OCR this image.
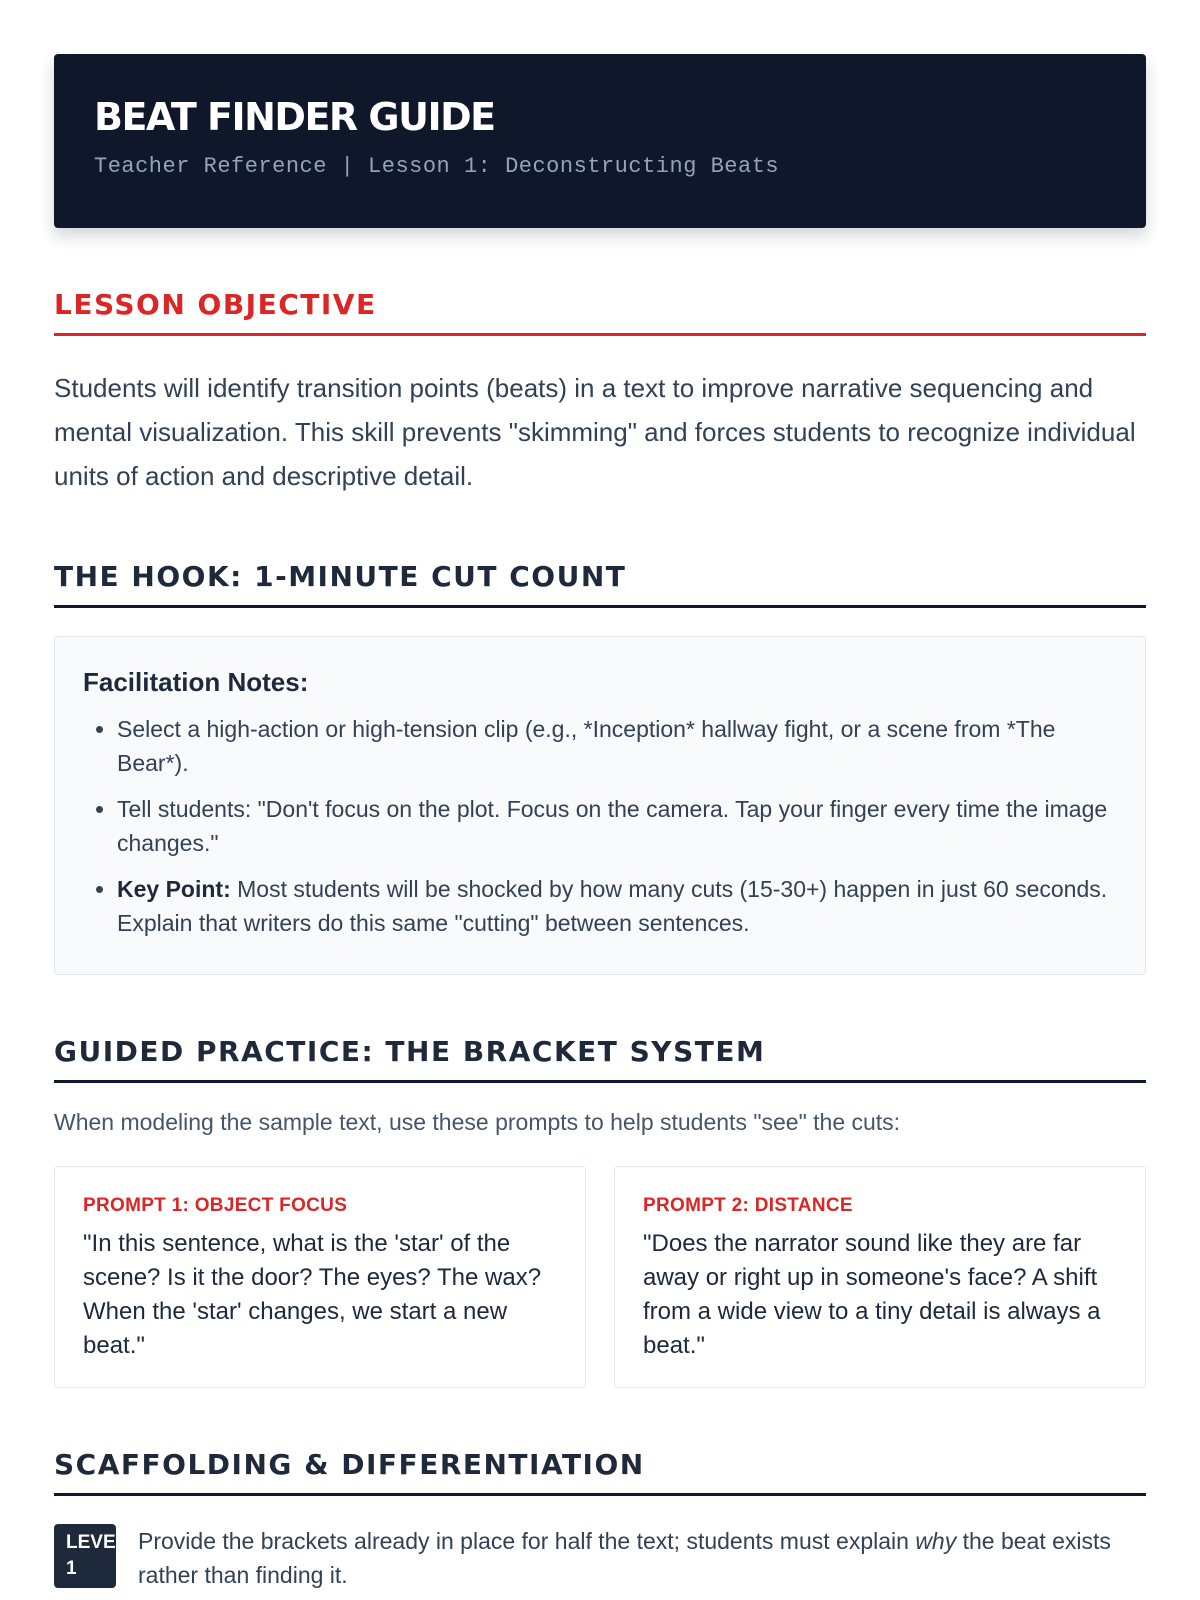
BEAT FINDER GUIDE
Teacher Reference | Lesson 1: Deconstructing Beats
LESSON OBJECTIVE

Students will identify transition points (beats) in a text to improve narrative sequencing and mental visualization. This skill prevents "skimming" and forces students to recognize individual units of action and descriptive detail.

THE HOOK: 1-MINUTE CUT COUNT
Facilitation Notes:
• Select a high-action or high-tension clip (e.g., *Inception* hallway fight, or a scene from *The Bear*).
• Tell students: "Don't focus on the plot. Focus on the camera. Tap your finger every time the image changes."
• Key Point: Most students will be shocked by how many cuts (15-30+) happen in just 60 seconds. Explain that writers do this same "cutting" between sentences.
GUIDED PRACTICE: THE BRACKET SYSTEM

When modeling the sample text, use these prompts to help students "see" the cuts:

PROMPT 1: OBJECT FOCUS
"In this sentence, what is the 'star' of the scene? Is it the door? The eyes? The wax? When the 'star' changes, we start a new beat."
PROMPT 2: DISTANCE
"Does the narrator sound like they are far away or right up in someone's face? A shift from a wide view to a tiny detail is always a beat."
SCAFFOLDING & DIFFERENTIATION
LEVEL 1
Provide the brackets already in place for half the text; students must explain why the beat exists rather than finding it.
